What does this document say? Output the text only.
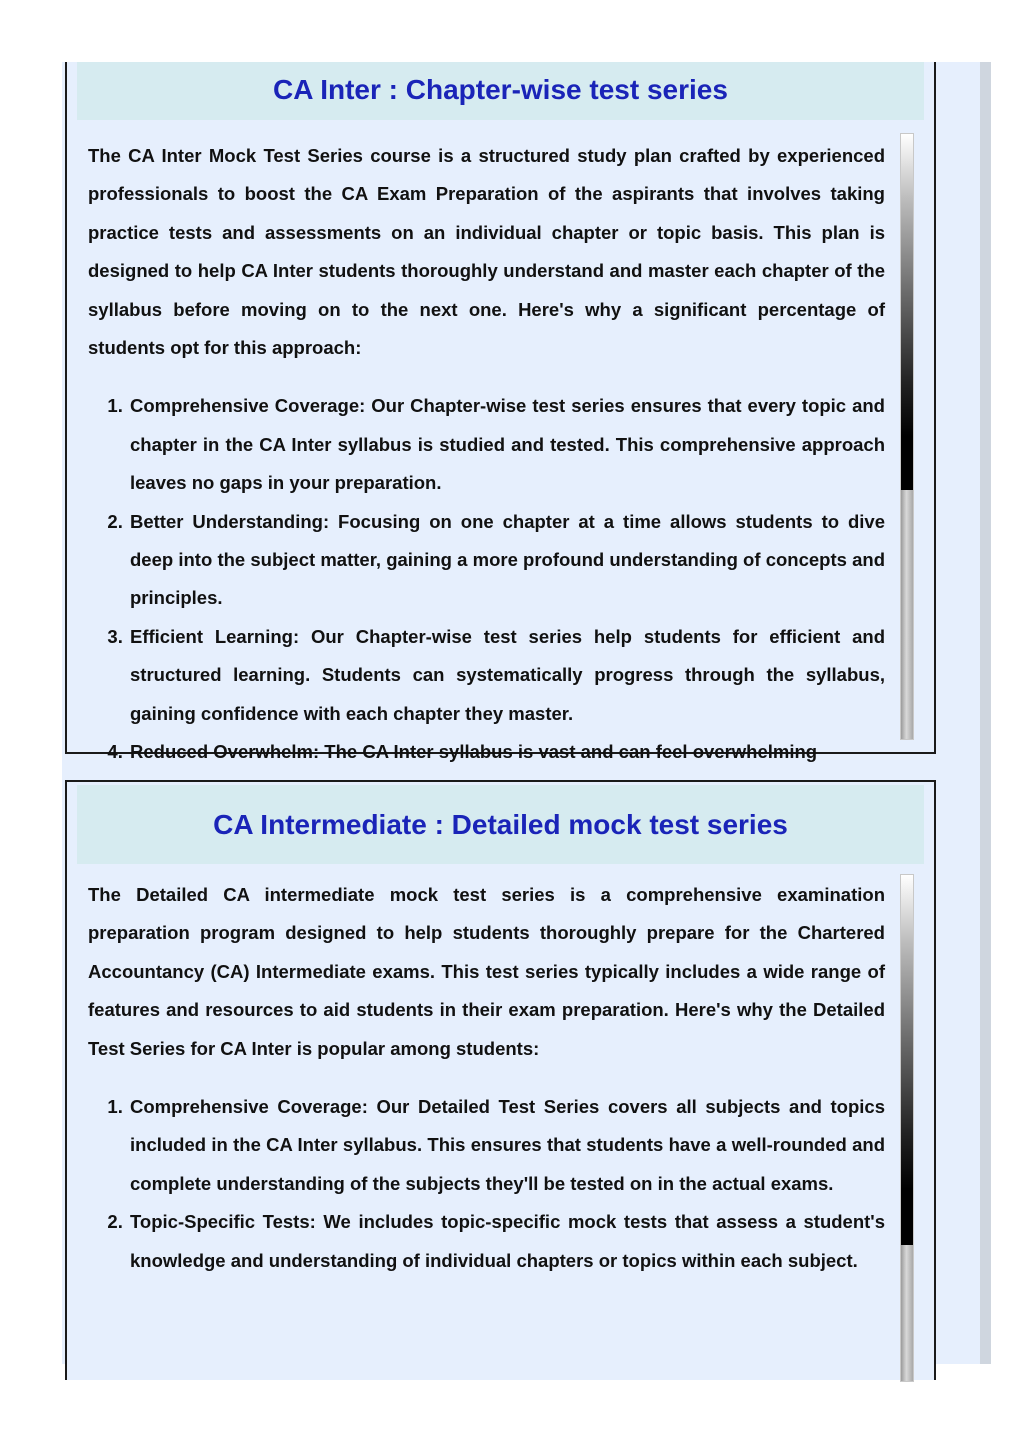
CA Inter : Chapter-wise test series

The CA Inter Mock Test Series course is a structured study plan crafted by experienced professionals to boost the CA Exam Preparation of the aspirants that involves taking practice tests and assessments on an individual chapter or topic basis. This plan is designed to help CA Inter students thoroughly understand and master each chapter of the syllabus before moving on to the next one. Here's why a significant percentage of students opt for this approach:

1. Comprehensive Coverage: Our Chapter-wise test series ensures that every topic and chapter in the CA Inter syllabus is studied and tested. This comprehensive approach leaves no gaps in your preparation.
2. Better Understanding: Focusing on one chapter at a time allows students to dive deep into the subject matter, gaining a more profound understanding of concepts and principles.
3. Efficient Learning: Our Chapter-wise test series help students for efficient and structured learning. Students can systematically progress through the syllabus, gaining confidence with each chapter they master.
4. Reduced Overwhelm: The CA Inter syllabus is vast and can feel overwhelming
CA Intermediate : Detailed mock test series

The Detailed CA intermediate mock test series is a comprehensive examination preparation program designed to help students thoroughly prepare for the Chartered Accountancy (CA) Intermediate exams. This test series typically includes a wide range of features and resources to aid students in their exam preparation. Here's why the Detailed Test Series for CA Inter is popular among students:

1. Comprehensive Coverage: Our Detailed Test Series covers all subjects and topics included in the CA Inter syllabus. This ensures that students have a well-rounded and complete understanding of the subjects they'll be tested on in the actual exams.
2. Topic-Specific Tests: We includes topic-specific mock tests that assess a student's knowledge and understanding of individual chapters or topics within each subject.
